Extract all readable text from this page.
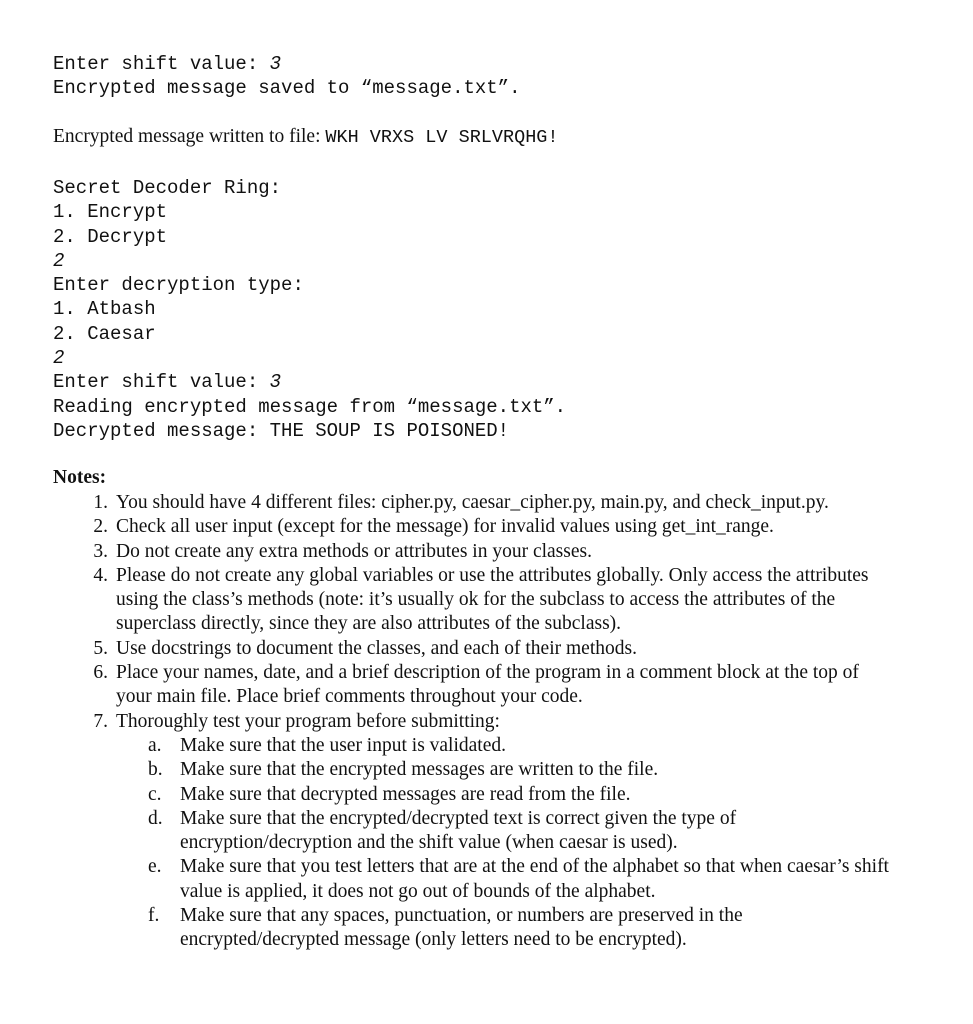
Enter shift value: 3
Encrypted message saved to “message.txt”.
Encrypted message written to file: WKH VRXS LV SRLVRQHG!
Secret Decoder Ring:
1. Encrypt
2. Decrypt
2
Enter decryption type:
1. Atbash
2. Caesar
2
Enter shift value: 3
Reading encrypted message from “message.txt”.
Decrypted message: THE SOUP IS POISONED!
Notes:
1. You should have 4 different files: cipher.py, caesar_cipher.py, main.py, and check_input.py.
2. Check all user input (except for the message) for invalid values using get_int_range.
3. Do not create any extra methods or attributes in your classes.
4. Please do not create any global variables or use the attributes globally. Only access the attributes using the class’s methods (note: it’s usually ok for the subclass to access the attributes of the superclass directly, since they are also attributes of the subclass).
5. Use docstrings to document the classes, and each of their methods.
6. Place your names, date, and a brief description of the program in a comment block at the top of your main file. Place brief comments throughout your code.
7. Thoroughly test your program before submitting:
a. Make sure that the user input is validated.
b. Make sure that the encrypted messages are written to the file.
c. Make sure that decrypted messages are read from the file.
d. Make sure that the encrypted/decrypted text is correct given the type of encryption/decryption and the shift value (when caesar is used).
e. Make sure that you test letters that are at the end of the alphabet so that when caesar’s shift value is applied, it does not go out of bounds of the alphabet.
f.	Make sure that any spaces, punctuation, or numbers are preserved in the encrypted/decrypted message (only letters need to be encrypted).
